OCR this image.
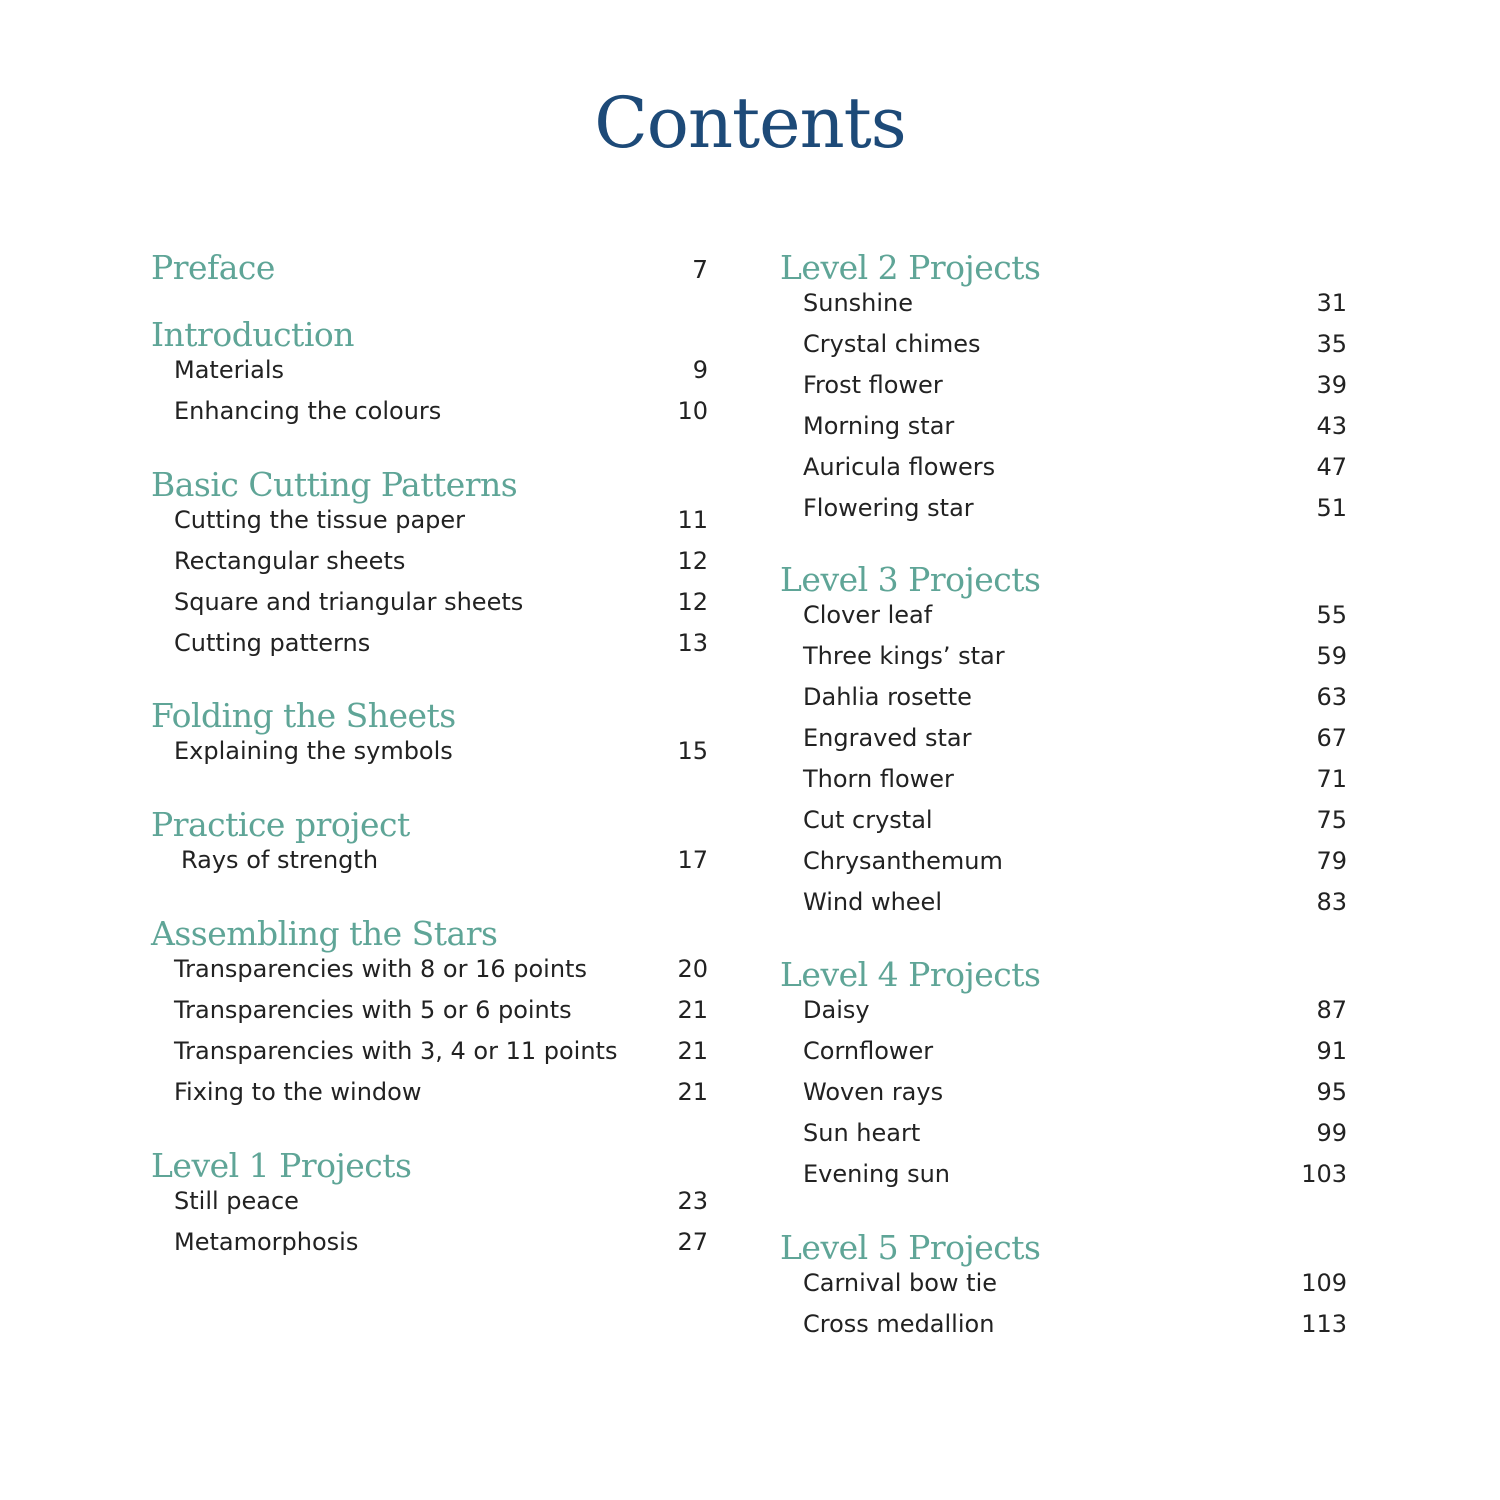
Contents
Preface	7
Introduction
Materials	9
Enhancing the colours	10
Basic Cutting Patterns
Cutting the tissue paper	11
Rectangular sheets	12
Square and triangular sheets	12
Cutting patterns	13
Folding the Sheets
Explaining the symbols	15
Practice project
Rays of strength	17
Assembling the Stars
Transparencies with 8 or 16 points	20
Transparencies with 5 or 6 points	21
Transparencies with 3, 4 or 11 points 21
Fixing to the window	21
Level 1 Projects
Still peace	23
Metamorphosis	27
Level 2 Projects
Sunshine	31
Crystal chimes	35
Frost flower	39
Morning star	43
Auricula flowers	47
Flowering star	51
Level 3 Projects
Clover leaf	55
Three kings’ star	59
Dahlia rosette	63
Engraved star	67
Thorn flower	71
Cut crystal	75
Chrysanthemum	79
Wind wheel	83
Level 4 Projects
Daisy	87
Cornflower	91
Woven rays	95
Sun heart	99
Evening sun	103
Level 5 Projects
Carnival bow tie	109
Cross medallion	113
